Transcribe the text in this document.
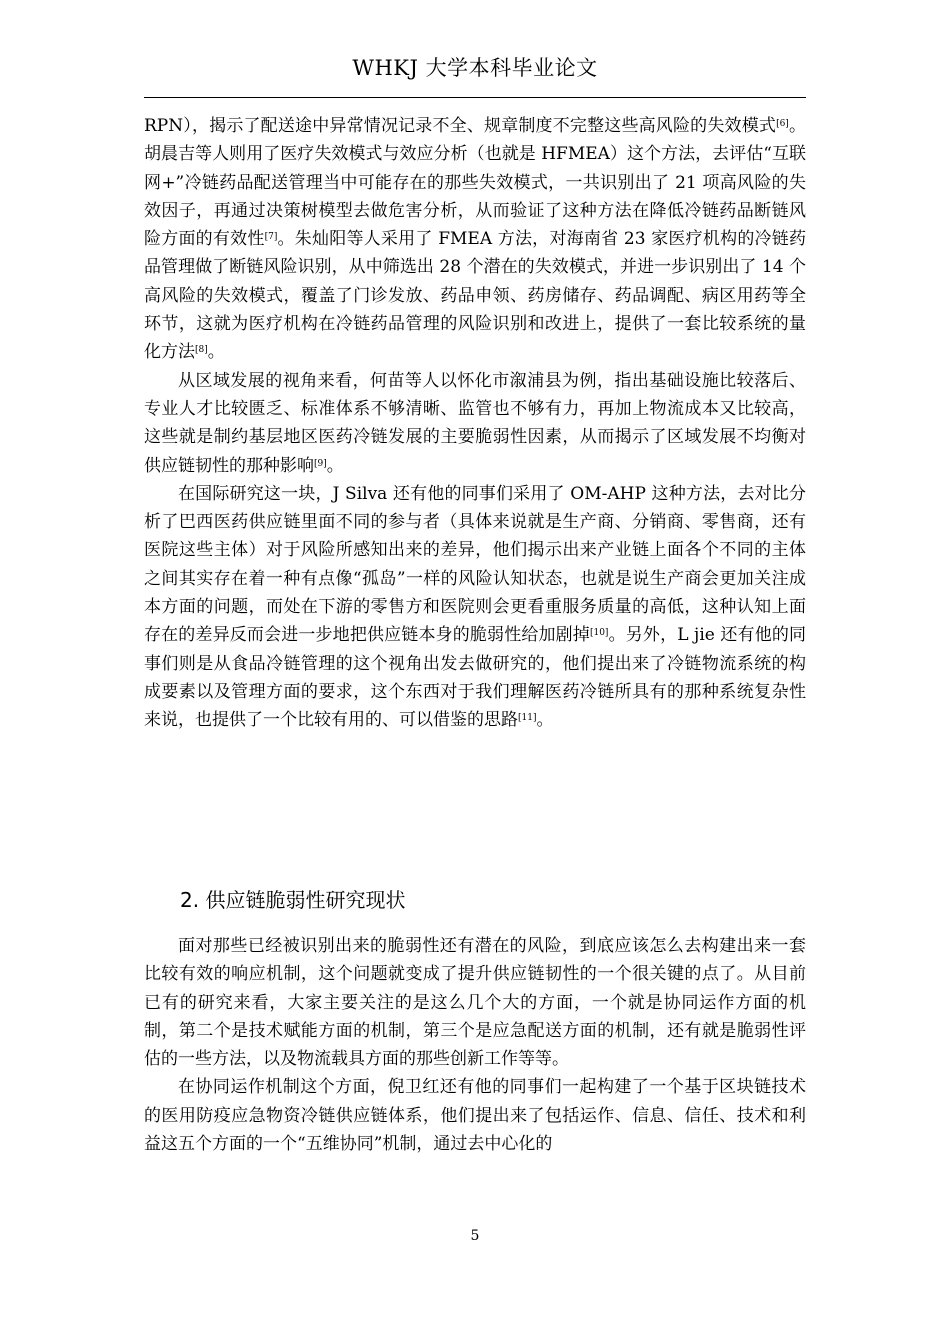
WHKJ 大学本科毕业论文

RPN），揭示了配送途中异常情况记录不全、规章制度不完整这些高风险的失效模式[6]。胡晨吉等人则用了医疗失效模式与效应分析（也就是 HFMEA）这个方法，去评估“互联网+”冷链药品配送管理当中可能存在的那些失效模式，一共识别出了 21 项高风险的失效因子，再通过决策树模型去做危害分析，从而验证了这种方法在降低冷链药品断链风险方面的有效性[7]。朱灿阳等人采用了 FMEA 方法，对海南省 23 家医疗机构的冷链药品管理做了断链风险识别，从中筛选出 28 个潜在的失效模式，并进一步识别出了 14 个高风险的失效模式，覆盖了门诊发放、药品申领、药房储存、药品调配、病区用药等全环节，这就为医疗机构在冷链药品管理的风险识别和改进上，提供了一套比较系统的量化方法[8]。

从区域发展的视角来看，何苗等人以怀化市溆浦县为例，指出基础设施比较落后、专业人才比较匮乏、标准体系不够清晰、监管也不够有力，再加上物流成本又比较高，这些就是制约基层地区医药冷链发展的主要脆弱性因素，从而揭示了区域发展不均衡对供应链韧性的那种影响[9]。

在国际研究这一块，J Silva 还有他的同事们采用了 OM-AHP 这种方法，去对比分析了巴西医药供应链里面不同的参与者（具体来说就是生产商、分销商、零售商，还有医院这些主体）对于风险所感知出来的差异，他们揭示出来产业链上面各个不同的主体之间其实存在着一种有点像“孤岛”一样的风险认知状态，也就是说生产商会更加关注成本方面的问题，而处在下游的零售方和医院则会更看重服务质量的高低，这种认知上面存在的差异反而会进一步地把供应链本身的脆弱性给加剧掉[10]。另外，L jie 还有他的同事们则是从食品冷链管理的这个视角出发去做研究的，他们提出来了冷链物流系统的构成要素以及管理方面的要求，这个东西对于我们理解医药冷链所具有的那种系统复杂性来说，也提供了一个比较有用的、可以借鉴的思路[11]。

2. 供应链脆弱性研究现状

面对那些已经被识别出来的脆弱性还有潜在的风险，到底应该怎么去构建出来一套比较有效的响应机制，这个问题就变成了提升供应链韧性的一个很关键的点了。从目前已有的研究来看，大家主要关注的是这么几个大的方面，一个就是协同运作方面的机制，第二个是技术赋能方面的机制，第三个是应急配送方面的机制，还有就是脆弱性评估的一些方法，以及物流载具方面的那些创新工作等等。

在协同运作机制这个方面，倪卫红还有他的同事们一起构建了一个基于区块链技术的医用防疫应急物资冷链供应链体系，他们提出来了包括运作、信息、信任、技术和利益这五个方面的一个“五维协同”机制，通过去中心化的

5
